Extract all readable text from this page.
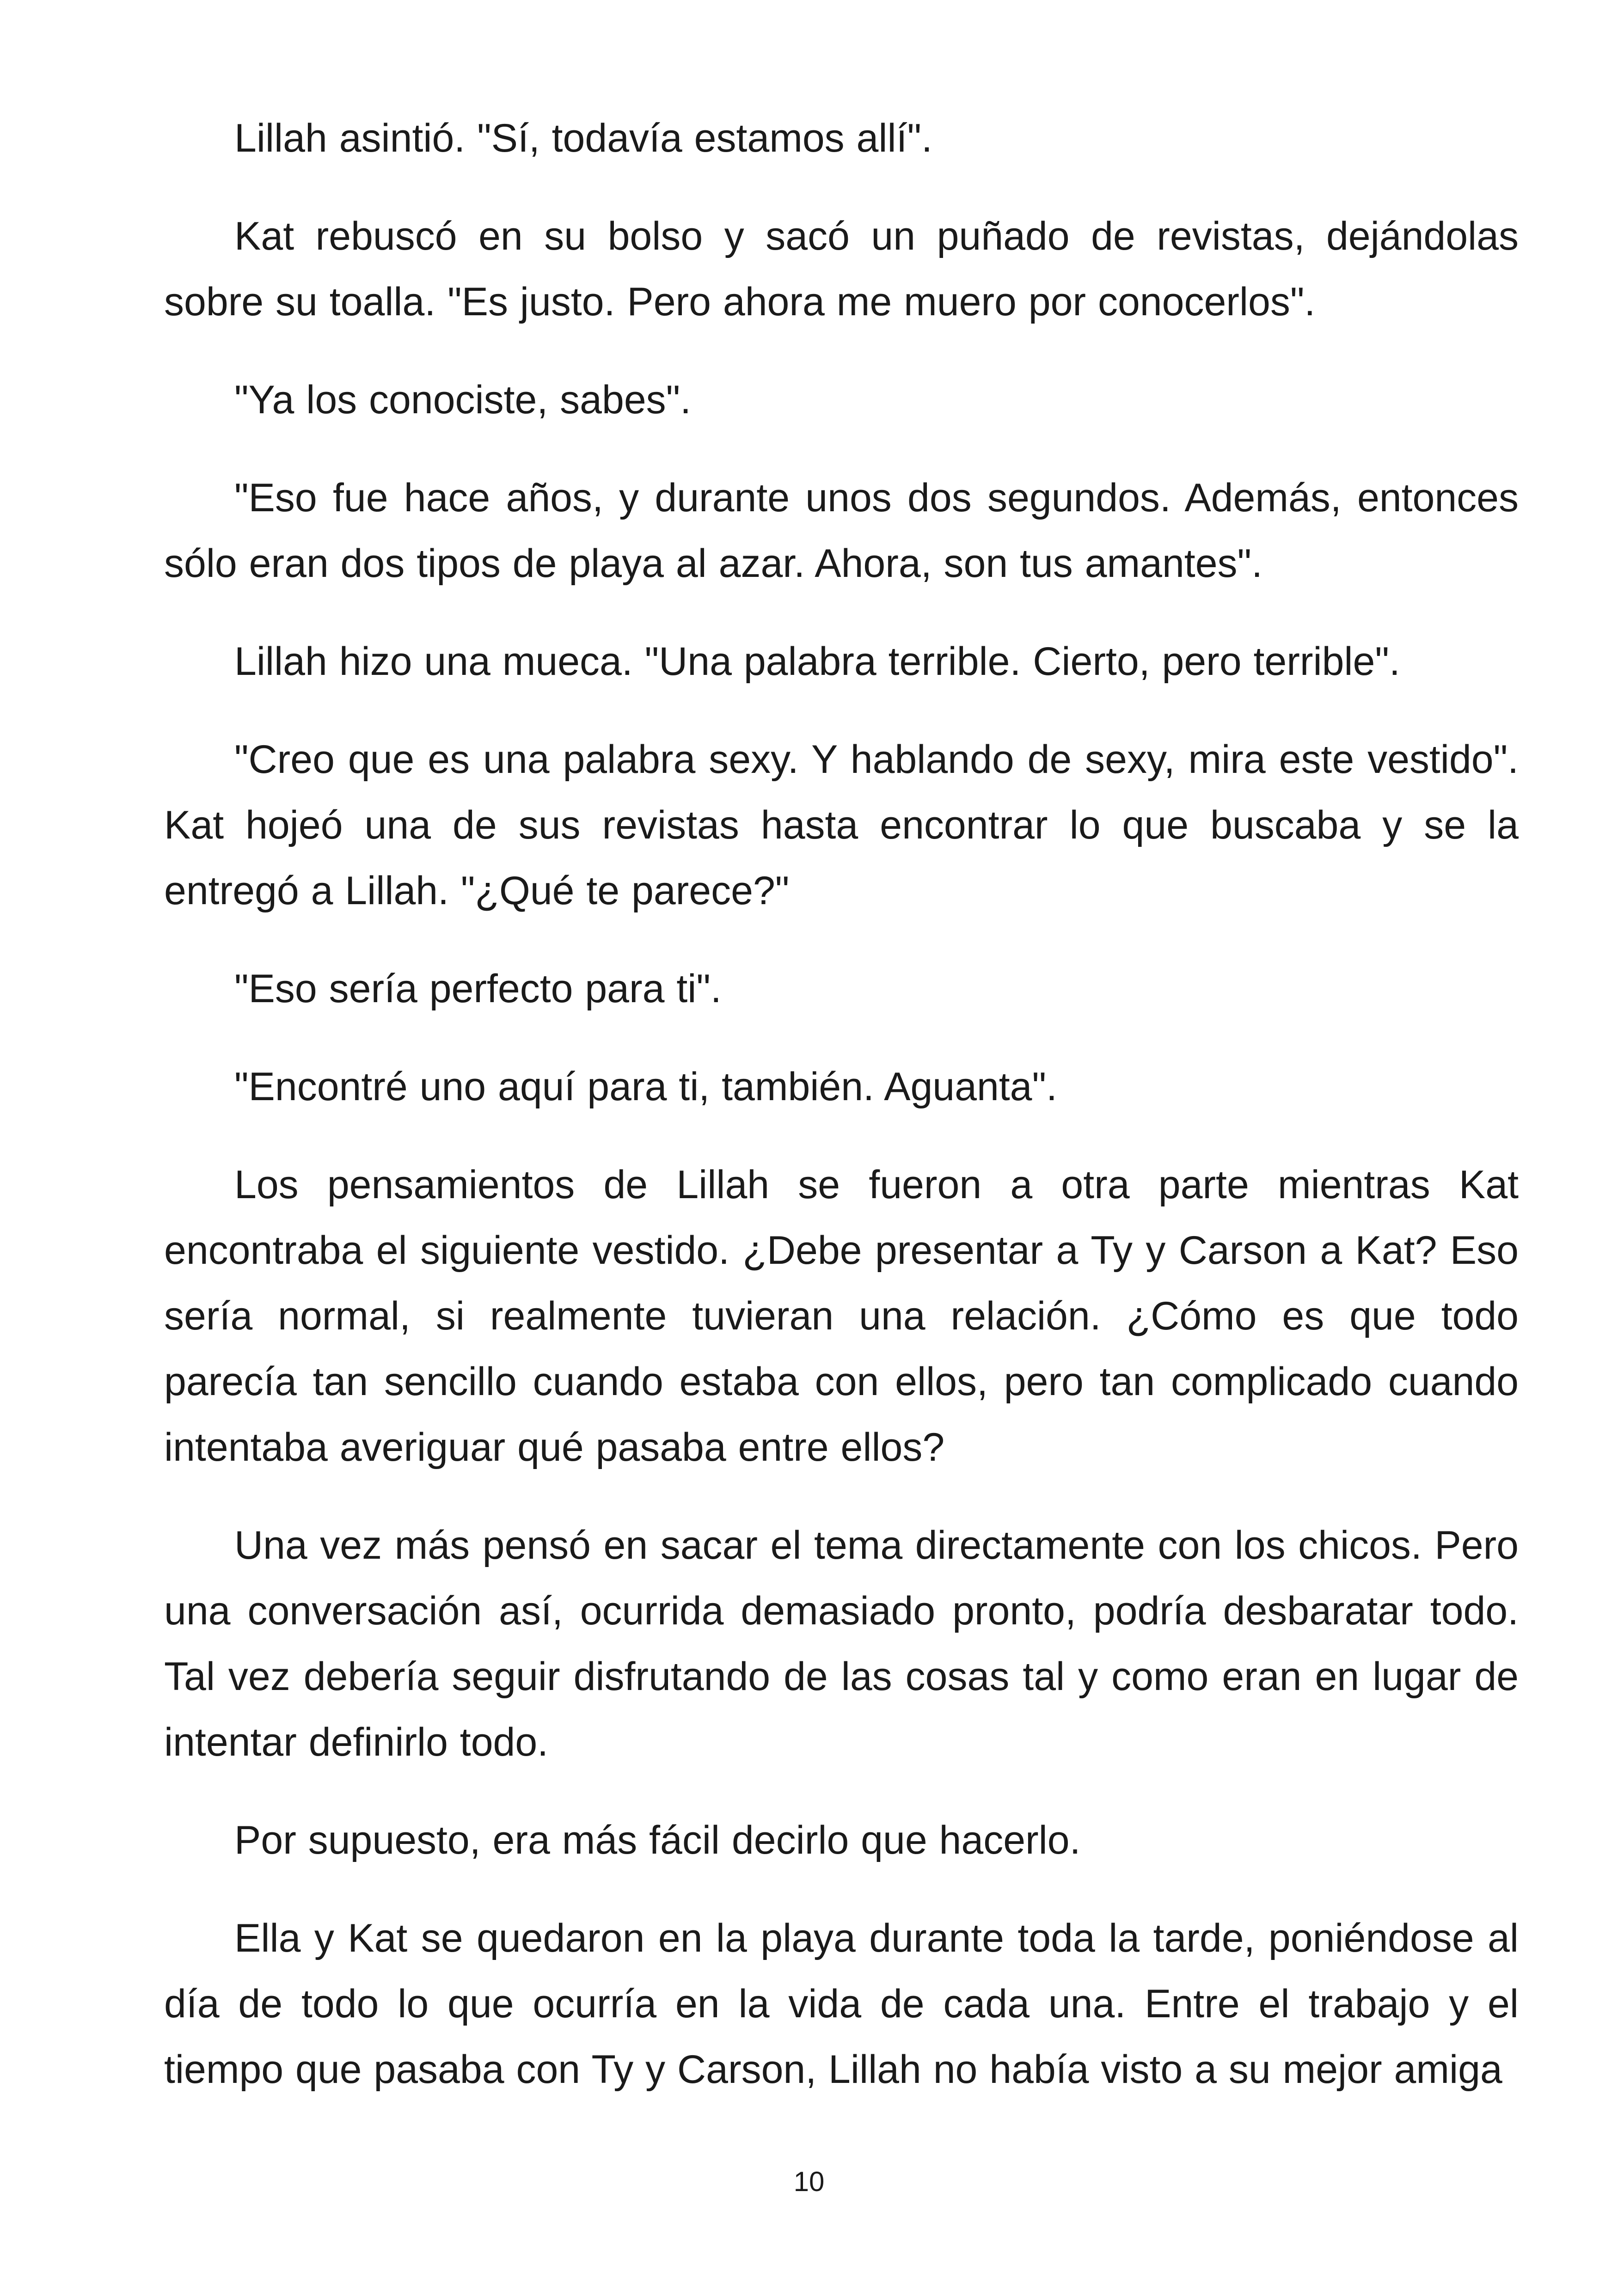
Lillah asintió. "Sí, todavía estamos allí".

Kat rebuscó en su bolso y sacó un puñado de revistas, dejándolas sobre su toalla. "Es justo. Pero ahora me muero por conocerlos".

"Ya los conociste, sabes".

"Eso fue hace años, y durante unos dos segundos. Además, entonces sólo eran dos tipos de playa al azar. Ahora, son tus amantes".

Lillah hizo una mueca. "Una palabra terrible. Cierto, pero terrible".

"Creo que es una palabra sexy. Y hablando de sexy, mira este vestido". Kat hojeó una de sus revistas hasta encontrar lo que buscaba y se la entregó a Lillah. "¿Qué te parece?"

"Eso sería perfecto para ti".

"Encontré uno aquí para ti, también. Aguanta".

Los pensamientos de Lillah se fueron a otra parte mientras Kat encontraba el siguiente vestido. ¿Debe presentar a Ty y Carson a Kat? Eso sería normal, si realmente tuvieran una relación. ¿Cómo es que todo parecía tan sencillo cuando estaba con ellos, pero tan complicado cuando intentaba averiguar qué pasaba entre ellos?

Una vez más pensó en sacar el tema directamente con los chicos. Pero una conversación así, ocurrida demasiado pronto, podría desbaratar todo. Tal vez debería seguir disfrutando de las cosas tal y como eran en lugar de intentar definirlo todo.

Por supuesto, era más fácil decirlo que hacerlo.

Ella y Kat se quedaron en la playa durante toda la tarde, poniéndose al día de todo lo que ocurría en la vida de cada una. Entre el trabajo y el tiempo que pasaba con Ty y Carson, Lillah no había visto a su mejor amiga

10
